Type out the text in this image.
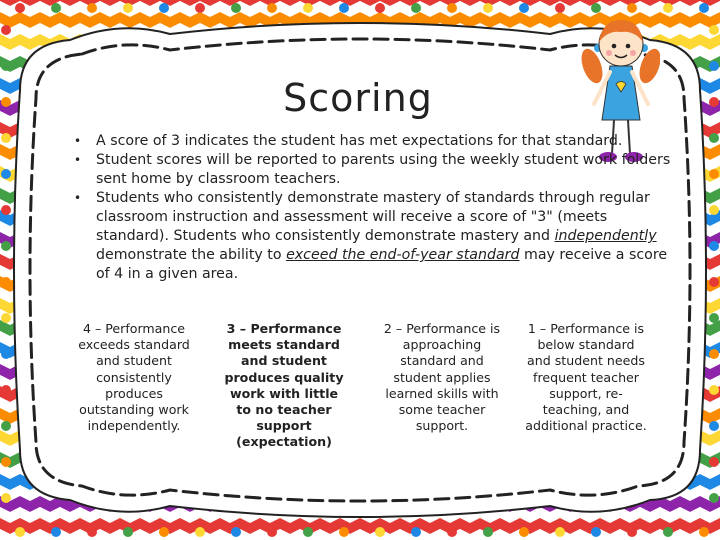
Scoring
•	A score of 3 indicates the student has met expectations for that standard.
•	Student scores will be reported to parents using the weekly student work folders sent home by classroom teachers.
•	Students who consistently demonstrate mastery of standards through regular classroom instruction and assessment will receive a score of "3" (meets standard). Students who consistently demonstrate mastery and independently demonstrate the ability to exceed the end-of-year standard may receive a score of 4 in a given area.
4 – Performance exceeds standard and student consistently produces outstanding work independently.
3 – Performance meets standard and student produces quality work with little to no teacher support (expectation)
2 – Performance is approaching standard and student applies learned skills with some teacher support.
1 – Performance is below standard and student needs frequent teacher support, re-teaching, and additional practice.
